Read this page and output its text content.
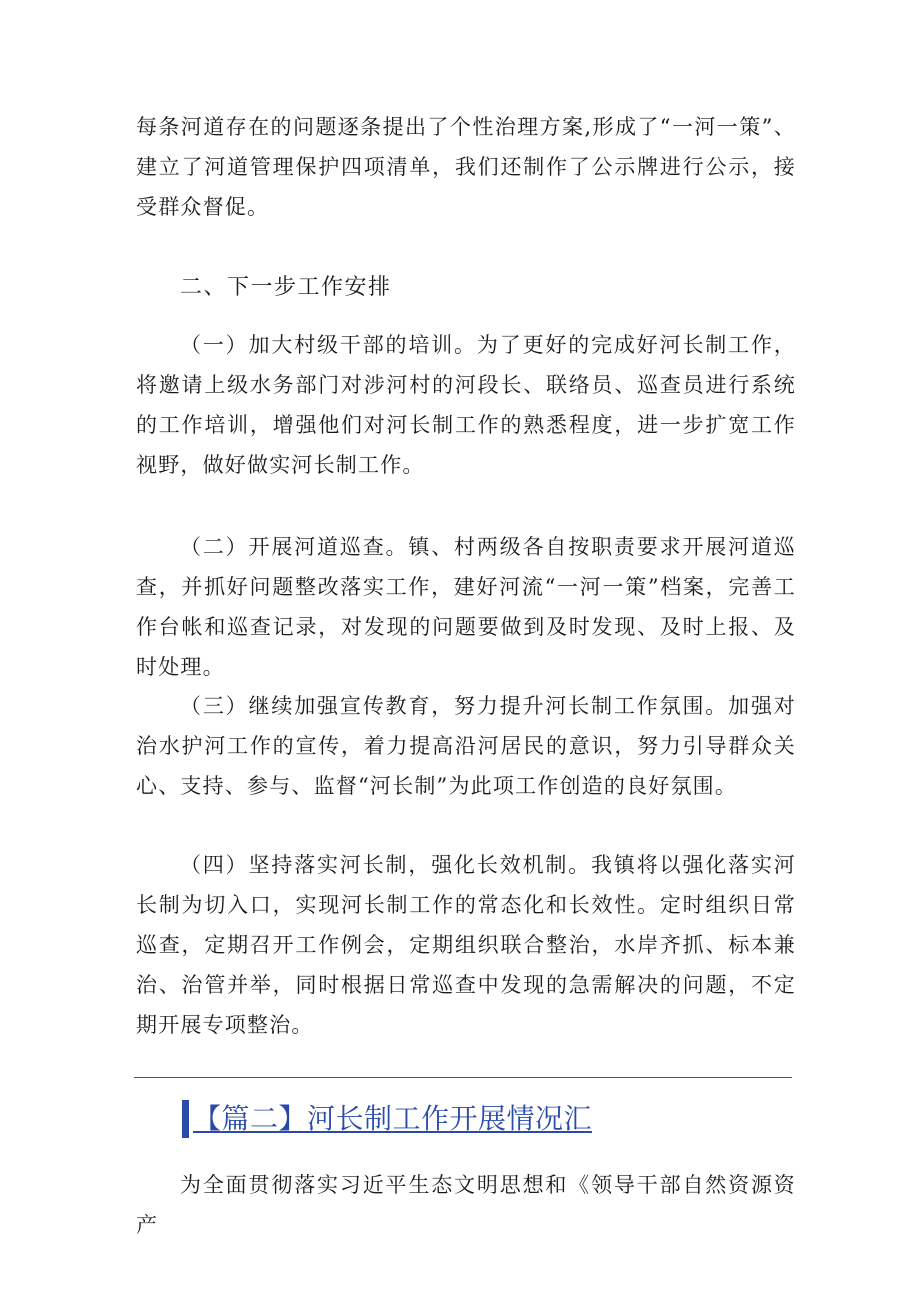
每条河道存在的问题逐条提出了个性治理方案,形成了“一河一策”、建立了河道管理保护四项清单，我们还制作了公示牌进行公示，接受群众督促。

二、下一步工作安排

（一）加大村级干部的培训。为了更好的完成好河长制工作，将邀请上级水务部门对涉河村的河段长、联络员、巡查员进行系统的工作培训，增强他们对河长制工作的熟悉程度，进一步扩宽工作视野，做好做实河长制工作。

（二）开展河道巡查。镇、村两级各自按职责要求开展河道巡查，并抓好问题整改落实工作，建好河流“一河一策”档案，完善工作台帐和巡查记录，对发现的问题要做到及时发现、及时上报、及时处理。

（三）继续加强宣传教育，努力提升河长制工作氛围。加强对治水护河工作的宣传，着力提高沿河居民的意识，努力引导群众关心、支持、参与、监督“河长制”为此项工作创造的良好氛围。

（四）坚持落实河长制，强化长效机制。我镇将以强化落实河长制为切入口，实现河长制工作的常态化和长效性。定时组织日常巡查，定期召开工作例会，定期组织联合整治，水岸齐抓、标本兼治、治管并举，同时根据日常巡查中发现的急需解决的问题，不定期开展专项整治。

【篇二】河长制工作开展情况汇

为全面贯彻落实习近平生态文明思想和《领导干部自然资源资产
